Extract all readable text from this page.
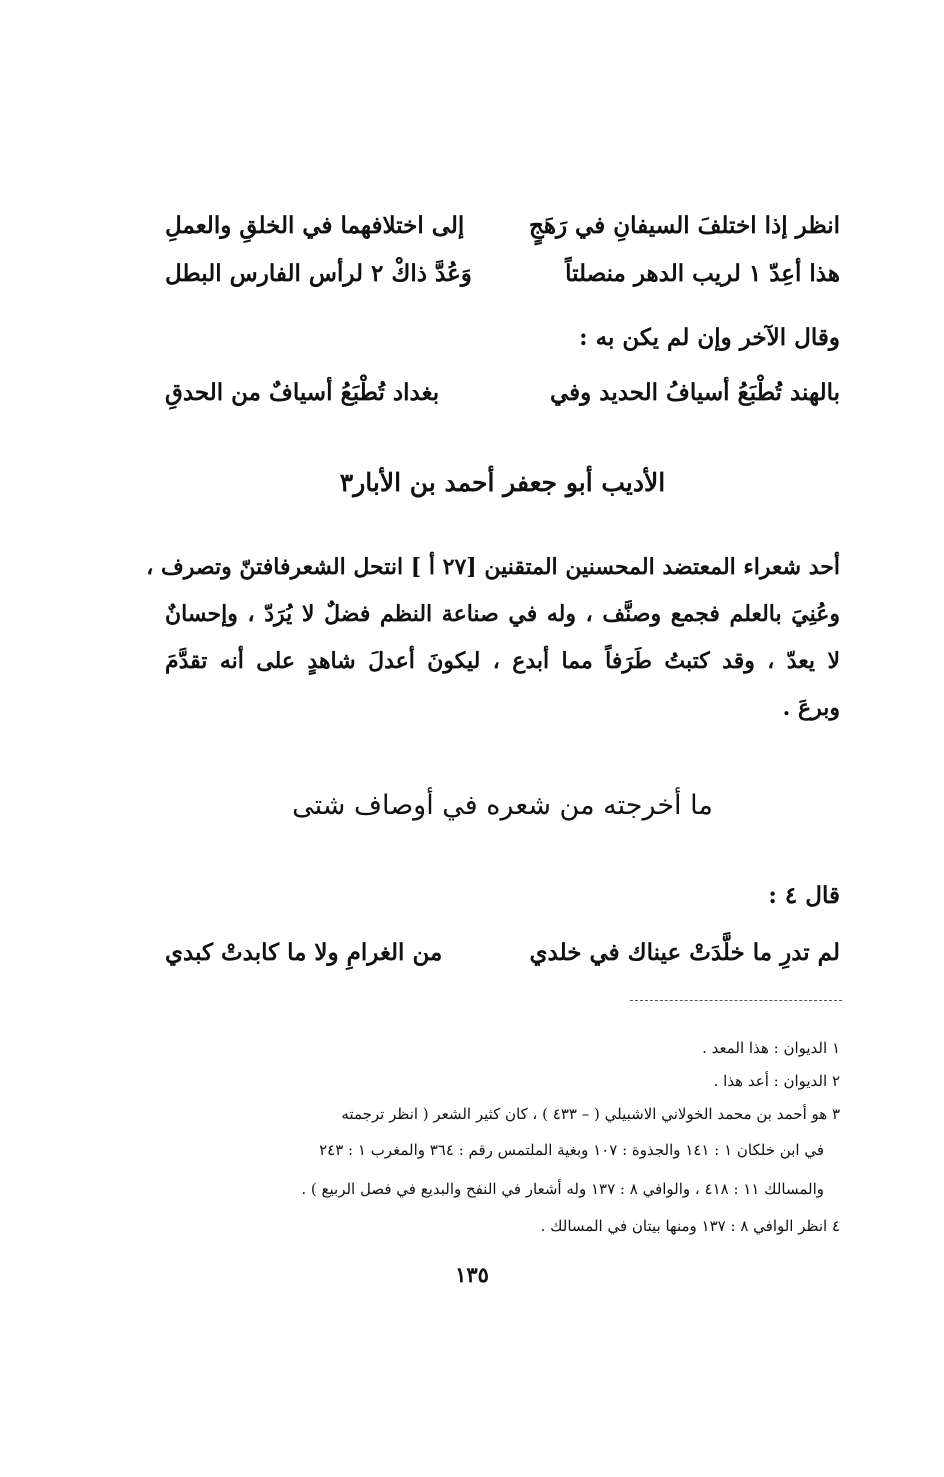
انظر إذا اختلفَ السيفانِ في رَهَجٍ
إلى اختلافهما في الخلقِ والعملِ
هذا أعِدّ ١ لريب الدهر منصلتاً
وَعُدَّ ذاكْ ٢ لرأس الفارس البطل
وقال الآخر وإن لم يكن به :
بالهند تُطْبَعُ أسيافُ الحديد وفي
بغداد تُطْبَعُ أسيافٌ من الحدقِ
الأديب أبو جعفر أحمد بن الأبار٣
أحد شعراء المعتضد المحسنين المتقنين [٢٧ أ ] انتحل الشعرفافتنّ وتصرف ،
وعُنِيَ بالعلم فجمع وصنَّف ، وله في صناعة النظم فضلٌ لا يُرَدّ ، وإحسانٌ
لا يعدّ ، وقد كتبتُ طَرَفاً مما أبدع ، ليكونَ أعدلَ شاهدٍ على أنه تقدَّمَ
وبرعَ .
ما أخرجته من شعره في أوصاف شتى
قال ٤ :
لم تدرِ ما خلَّدَتْ عيناك في خلدي
من الغرامِ ولا ما كابدتْ كبدي
١ الديوان : هذا المعد .
٢ الديوان : أعد هذا .
٣ هو أحمد بن محمد الخولاني الاشبيلي ( – ٤٣٣ ) ، كان كثير الشعر ( انظر ترجمته
في ابن خلكان ١ : ١٤١ والجذوة : ١٠٧ وبغية الملتمس رقم : ٣٦٤ والمغرب ١ : ٢٤٣
والمسالك ١١ : ٤١٨ ، والوافي ٨ : ١٣٧ وله أشعار في النفح والبديع في فصل الربيع ) .
٤ انظر الوافي ٨ : ١٣٧ ومنها بيتان في المسالك .
١٣٥
